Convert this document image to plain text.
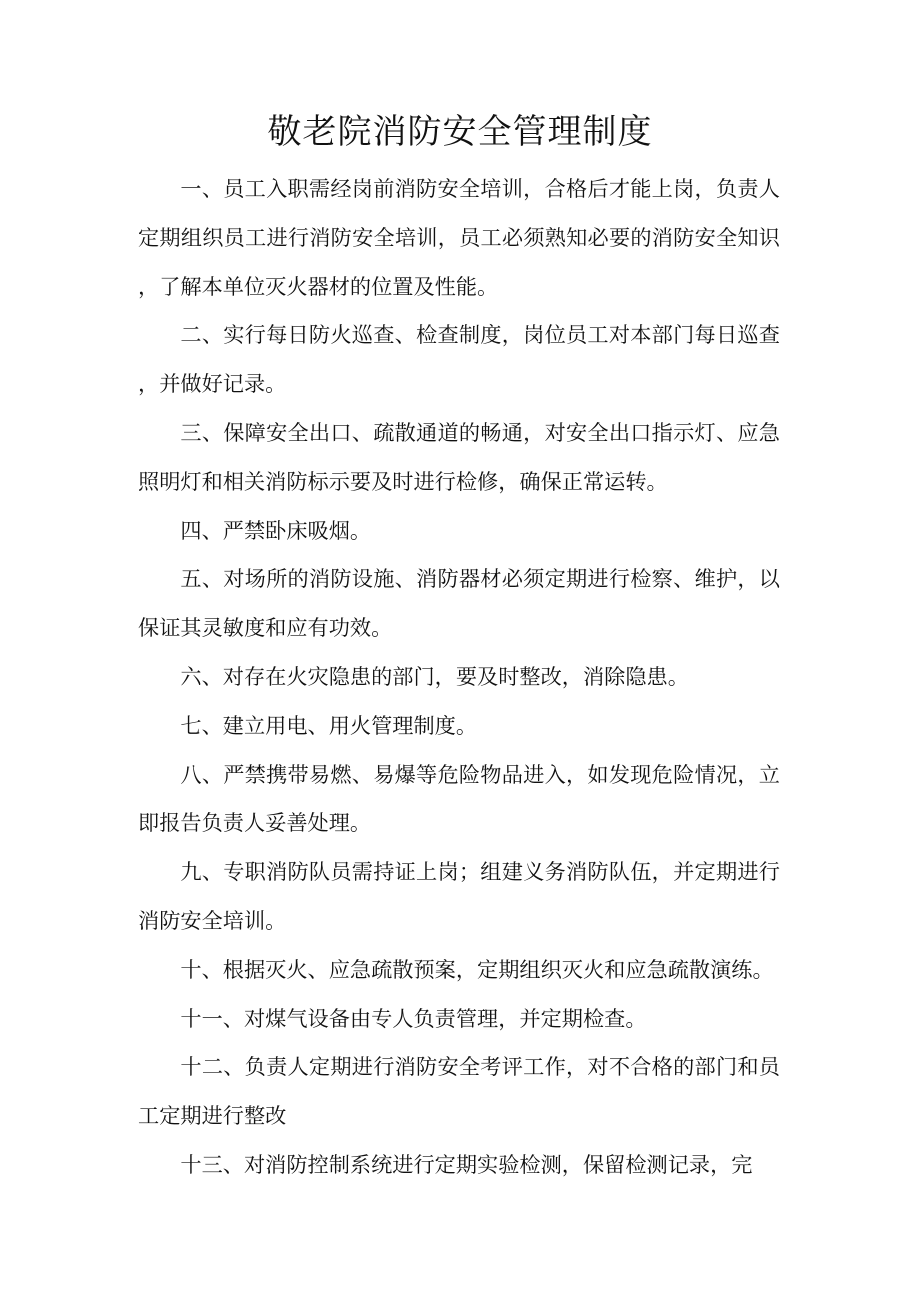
敬老院消防安全管理制度

一、员工入职需经岗前消防安全培训，合格后才能上岗，负责人定期组织员工进行消防安全培训，员工必须熟知必要的消防安全知识，了解本单位灭火器材的位置及性能。

二、实行每日防火巡查、检查制度，岗位员工对本部门每日巡查，并做好记录。

三、保障安全出口、疏散通道的畅通，对安全出口指示灯、应急照明灯和相关消防标示要及时进行检修，确保正常运转。

四、严禁卧床吸烟。

五、对场所的消防设施、消防器材必须定期进行检察、维护，以保证其灵敏度和应有功效。

六、对存在火灾隐患的部门，要及时整改，消除隐患。

七、建立用电、用火管理制度。

八、严禁携带易燃、易爆等危险物品进入，如发现危险情况，立即报告负责人妥善处理。

九、专职消防队员需持证上岗；组建义务消防队伍，并定期进行消防安全培训。

十、根据灭火、应急疏散预案，定期组织灭火和应急疏散演练。

十一、对煤气设备由专人负责管理，并定期检查。

十二、负责人定期进行消防安全考评工作，对不合格的部门和员工定期进行整改

十三、对消防控制系统进行定期实验检测，保留检测记录，完
